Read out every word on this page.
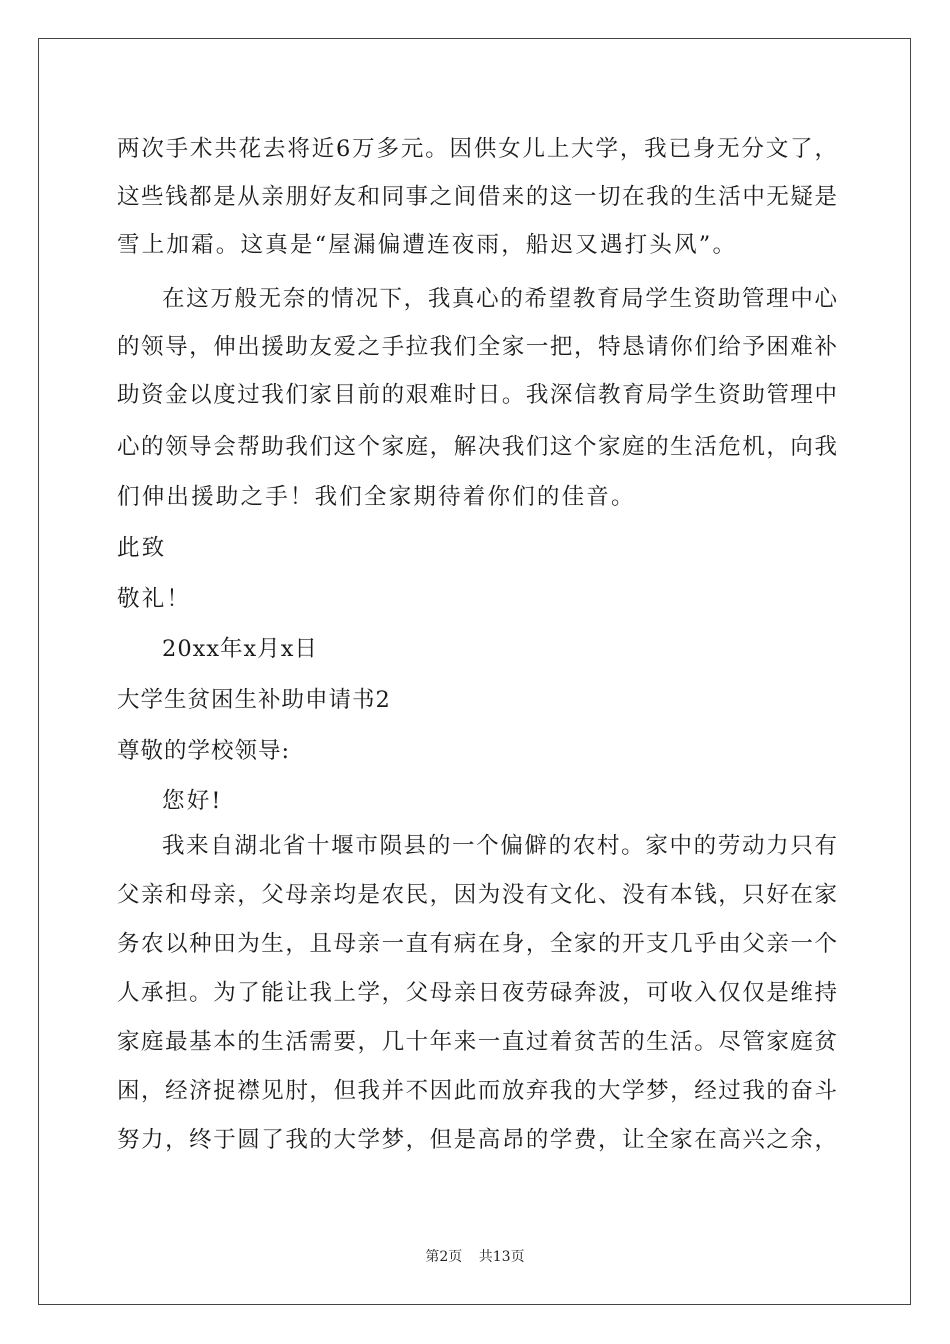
两次手术共花去将近6万多元。因供女儿上大学，我已身无分文了，
这些钱都是从亲朋好友和同事之间借来的这一切在我的生活中无疑是
雪上加霜。这真是“屋漏偏遭连夜雨，船迟又遇打头风”。
在这万般无奈的情况下，我真心的希望教育局学生资助管理中心
的领导，伸出援助友爱之手拉我们全家一把，特恳请你们给予困难补
助资金以度过我们家目前的艰难时日。我深信教育局学生资助管理中
心的领导会帮助我们这个家庭，解决我们这个家庭的生活危机，向我
们伸出援助之手！我们全家期待着你们的佳音。
此致
敬礼！
20xx年x月x日
大学生贫困生补助申请书2
尊敬的学校领导:
您好!
我来自湖北省十堰市陨县的一个偏僻的农村。家中的劳动力只有
父亲和母亲，父母亲均是农民，因为没有文化、没有本钱，只好在家
务农以种田为生，且母亲一直有病在身，全家的开支几乎由父亲一个
人承担。为了能让我上学，父母亲日夜劳碌奔波，可收入仅仅是维持
家庭最基本的生活需要，几十年来一直过着贫苦的生活。尽管家庭贫
困，经济捉襟见肘，但我并不因此而放弃我的大学梦，经过我的奋斗
努力，终于圆了我的大学梦，但是高昂的学费，让全家在高兴之余，
第2页 共13页
